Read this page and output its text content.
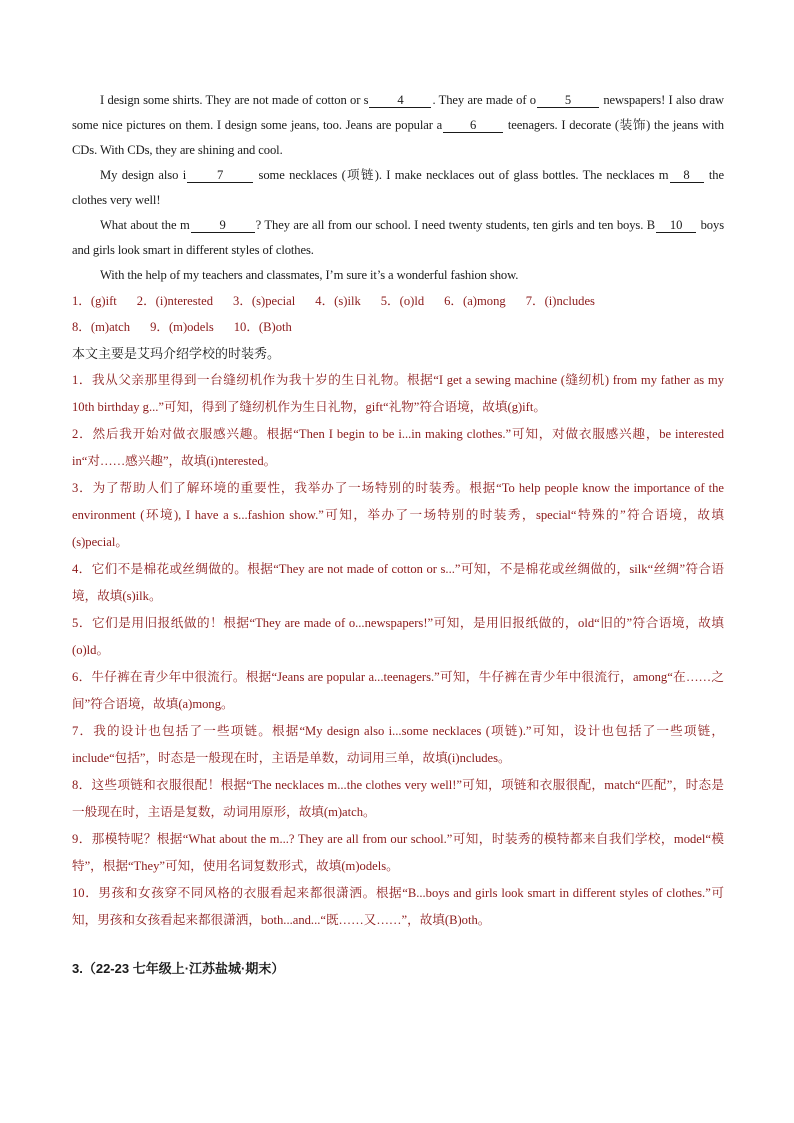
I design some shirts. They are not made of cotton or s 4 . They are made of o 5 newspapers! I also draw some nice pictures on them. I design some jeans, too. Jeans are popular a 6 teenagers. I decorate (装饰) the jeans with CDs. With CDs, they are shining and cool.

My design also i 7 some necklaces (项链). I make necklaces out of glass bottles. The necklaces m 8 the clothes very well!

What about the m 9 ? They are all from our school. I need twenty students, ten girls and ten boys. B 10 boys and girls look smart in different styles of clothes.

With the help of my teachers and classmates, I’m sure it’s a wonderful fashion show.

1．(g)ift 2．(i)nterested 3．(s)pecial 4．(s)ilk 5．(o)ld 6．(a)mong 7．(i)ncludes

8．(m)atch 9．(m)odels 10．(B)oth

本文主要是艾玛介绍学校的时装秀。

1．我从父亲那里得到一台缝纫机作为我十岁的生日礼物。根据“I get a sewing machine (缝纫机) from my father as my 10th birthday g...”可知，得到了缝纫机作为生日礼物，gift“礼物”符合语境，故填(g)ift。

2．然后我开始对做衣服感兴趣。根据“Then I begin to be i...in making clothes.”可知，对做衣服感兴趣，be interested in“对……感兴趣”，故填(i)nterested。

3．为了帮助人们了解环境的重要性，我举办了一场特别的时装秀。根据“To help people know the importance of the environment (环境), I have a s...fashion show.”可知，举办了一场特别的时装秀，special“特殊的”符合语境，故填(s)pecial。

4．它们不是棉花或丝绸做的。根据“They are not made of cotton or s...”可知，不是棉花或丝绸做的，silk“丝绸”符合语境，故填(s)ilk。

5．它们是用旧报纸做的！根据“They are made of o...newspapers!”可知，是用旧报纸做的，old“旧的”符合语境，故填(o)ld。

6．牛仔裤在青少年中很流行。根据“Jeans are popular a...teenagers.”可知，牛仔裤在青少年中很流行，among“在……之间”符合语境，故填(a)mong。

7．我的设计也包括了一些项链。根据“My design also i...some necklaces (项链).”可知，设计也包括了一些项链，include“包括”，时态是一般现在时，主语是单数，动词用三单，故填(i)ncludes。

8．这些项链和衣服很配！根据“The necklaces m...the clothes very well!”可知，项链和衣服很配，match“匹配”，时态是一般现在时，主语是复数，动词用原形，故填(m)atch。

9．那模特呢？根据“What about the m...? They are all from our school.”可知，时装秀的模特都来自我们学校，model“模特”，根据“They”可知，使用名词复数形式，故填(m)odels。

10．男孩和女孩穿不同风格的衣服看起来都很潇洒。根据“B...boys and girls look smart in different styles of clothes.”可知，男孩和女孩看起来都很潇洒，both...and...“既……又……”，故填(B)oth。

3.（22-23 七年级上·江苏盐城·期末）
